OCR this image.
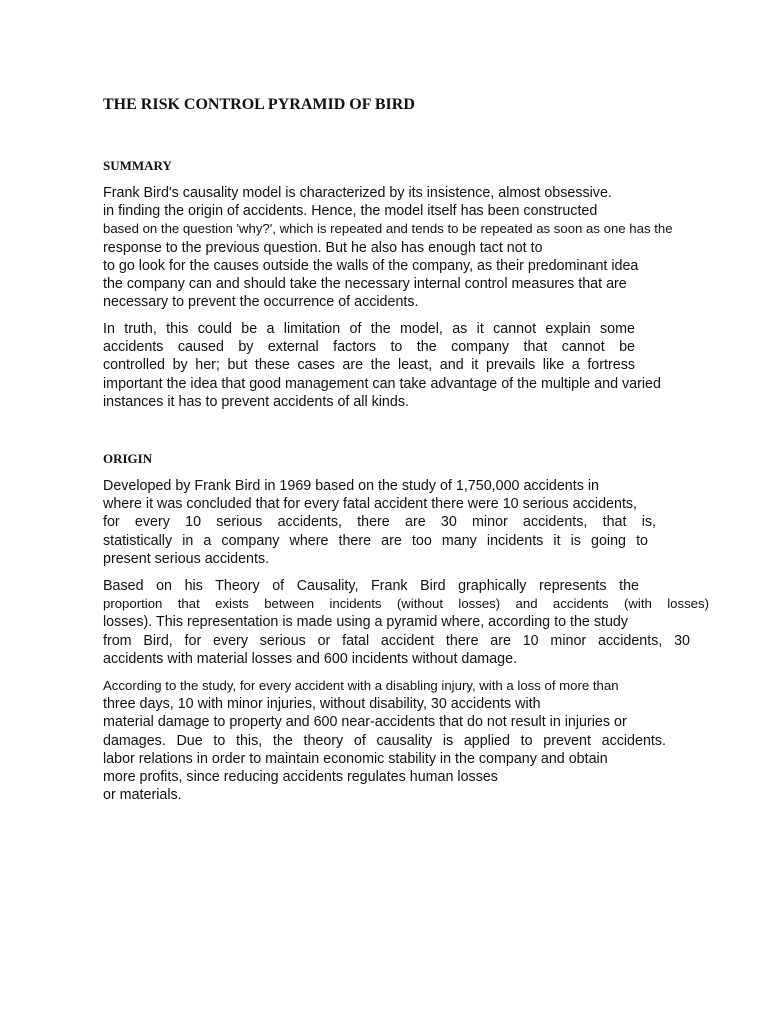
THE RISK CONTROL PYRAMID OF BIRD
SUMMARY
Frank Bird's causality model is characterized by its insistence, almost obsessive.
in finding the origin of accidents. Hence, the model itself has been constructed
based on the question 'why?', which is repeated and tends to be repeated as soon as one has the
response to the previous question. But he also has enough tact not to
to go look for the causes outside the walls of the company, as their predominant idea
the company can and should take the necessary internal control measures that are
necessary to prevent the occurrence of accidents.
In truth, this could be a limitation of the model, as it cannot explain some
accidents caused by external factors to the company that cannot be
controlled by her; but these cases are the least, and it prevails like a fortress
important the idea that good management can take advantage of the multiple and varied
instances it has to prevent accidents of all kinds.
ORIGIN
Developed by Frank Bird in 1969 based on the study of 1,750,000 accidents in
where it was concluded that for every fatal accident there were 10 serious accidents,
for every 10 serious accidents, there are 30 minor accidents, that is,
statistically in a company where there are too many incidents it is going to
present serious accidents.
Based on his Theory of Causality, Frank Bird graphically represents the
proportion that exists between incidents (without losses) and accidents (with losses)
losses). This representation is made using a pyramid where, according to the study
from Bird, for every serious or fatal accident there are 10 minor accidents, 30
accidents with material losses and 600 incidents without damage.
According to the study, for every accident with a disabling injury, with a loss of more than
three days, 10 with minor injuries, without disability, 30 accidents with
material damage to property and 600 near-accidents that do not result in injuries or
damages. Due to this, the theory of causality is applied to prevent accidents.
labor relations in order to maintain economic stability in the company and obtain
more profits, since reducing accidents regulates human losses
or materials.
